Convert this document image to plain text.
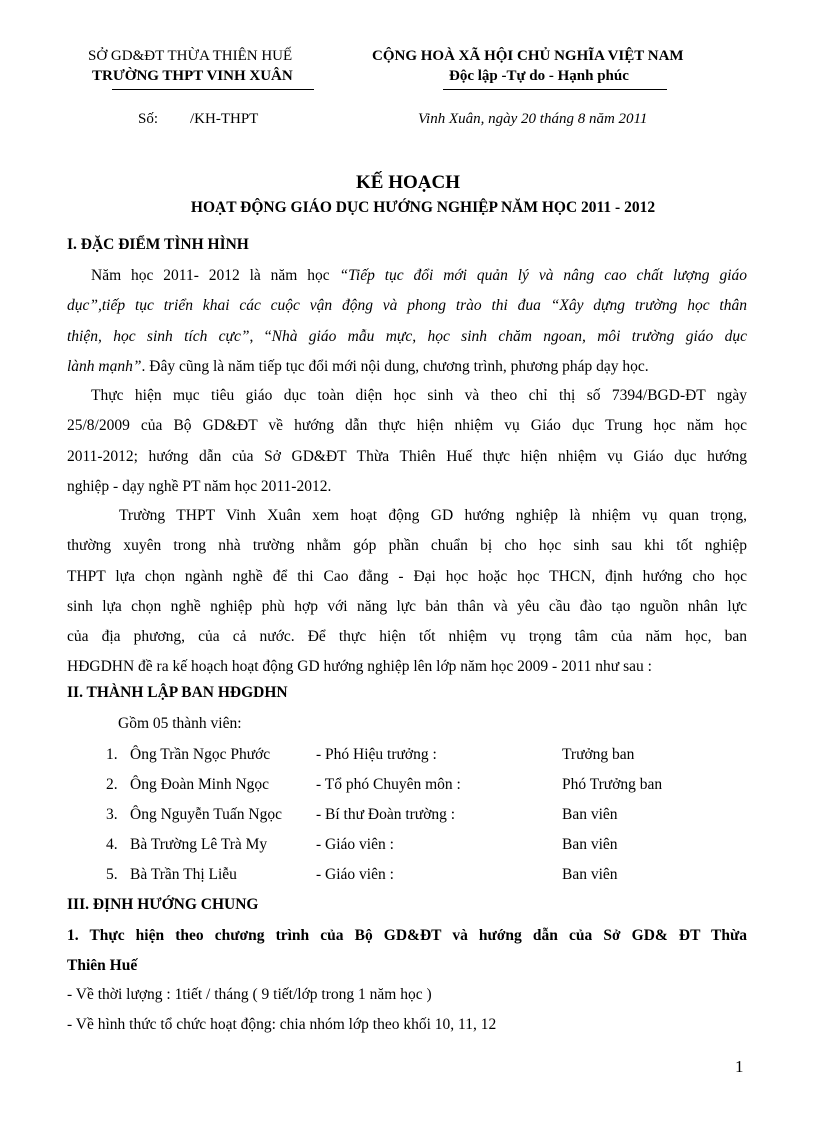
SỞ GD&ĐT THỪA THIÊN HUẾ
TRƯỜNG THPT VINH XUÂN
CỘNG HOÀ XÃ HỘI CHỦ NGHĨA VIỆT NAM
Độc lập -Tự do - Hạnh phúc
Số: /KH-THPT	Vinh Xuân, ngày 20 tháng 8 năm 2011
KẾ HOẠCH
HOẠT ĐỘNG GIÁO DỤC HƯỚNG NGHIỆP NĂM HỌC 2011 - 2012
I. ĐẶC ĐIỂM TÌNH HÌNH
Năm học 2011- 2012 là năm học “Tiếp tục đổi mới quản lý và nâng cao chất lượng giáo
dục”,tiếp tục triển khai các cuộc vận động và phong trào thi đua “Xây dựng trường học thân
thiện, học sinh tích cực”, “Nhà giáo mẫu mực, học sinh chăm ngoan, môi trường giáo dục
lành mạnh”. Đây cũng là năm tiếp tục đổi mới nội dung, chương trình, phương pháp dạy học.
Thực hiện mục tiêu giáo dục toàn diện học sinh và theo chỉ thị số 7394/BGD-ĐT ngày
25/8/2009 của Bộ GD&ĐT về hướng dẫn thực hiện nhiệm vụ Giáo dục Trung học năm học
2011-2012; hướng dẫn của Sở GD&ĐT Thừa Thiên Huế thực hiện nhiệm vụ Giáo dục hướng
nghiệp - dạy nghề PT năm học 2011-2012.
Trường THPT Vinh Xuân xem hoạt động GD hướng nghiệp là nhiệm vụ quan trọng,
thường xuyên trong nhà trường nhằm góp phần chuẩn bị cho học sinh sau khi tốt nghiệp
THPT lựa chọn ngành nghề để thi Cao đẳng - Đại học hoặc học THCN, định hướng cho học
sinh lựa chọn nghề nghiệp phù hợp với năng lực bản thân và yêu cầu đào tạo nguồn nhân lực
của địa phương, của cả nước. Để thực hiện tốt nhiệm vụ trọng tâm của năm học, ban
HĐGDHN đề ra kế hoạch hoạt động GD hướng nghiệp lên lớp năm học 2009 - 2011 như sau :
II. THÀNH LẬP BAN HĐGDHN
Gồm 05 thành viên:
1. Ông Trần Ngọc Phước	- Phó Hiệu trưởng :	Trưởng ban
2. Ông Đoàn Minh Ngọc	- Tổ phó Chuyên môn :	Phó Trưởng ban
3. Ông Nguyễn Tuấn Ngọc - Bí thư Đoàn trường :	Ban viên
4. Bà Trường Lê Trà My	- Giáo viên :	Ban viên
5. Bà Trần Thị Liễu	- Giáo viên :	Ban viên
III. ĐỊNH HƯỚNG CHUNG
1. Thực hiện theo chương trình của Bộ GD&ĐT và hướng dẫn của Sở GD& ĐT Thừa
Thiên Huế
- Về thời lượng : 1tiết / tháng ( 9 tiết/lớp trong 1 năm học )
- Về hình thức tổ chức hoạt động: chia nhóm lớp theo khối 10, 11, 12
1
